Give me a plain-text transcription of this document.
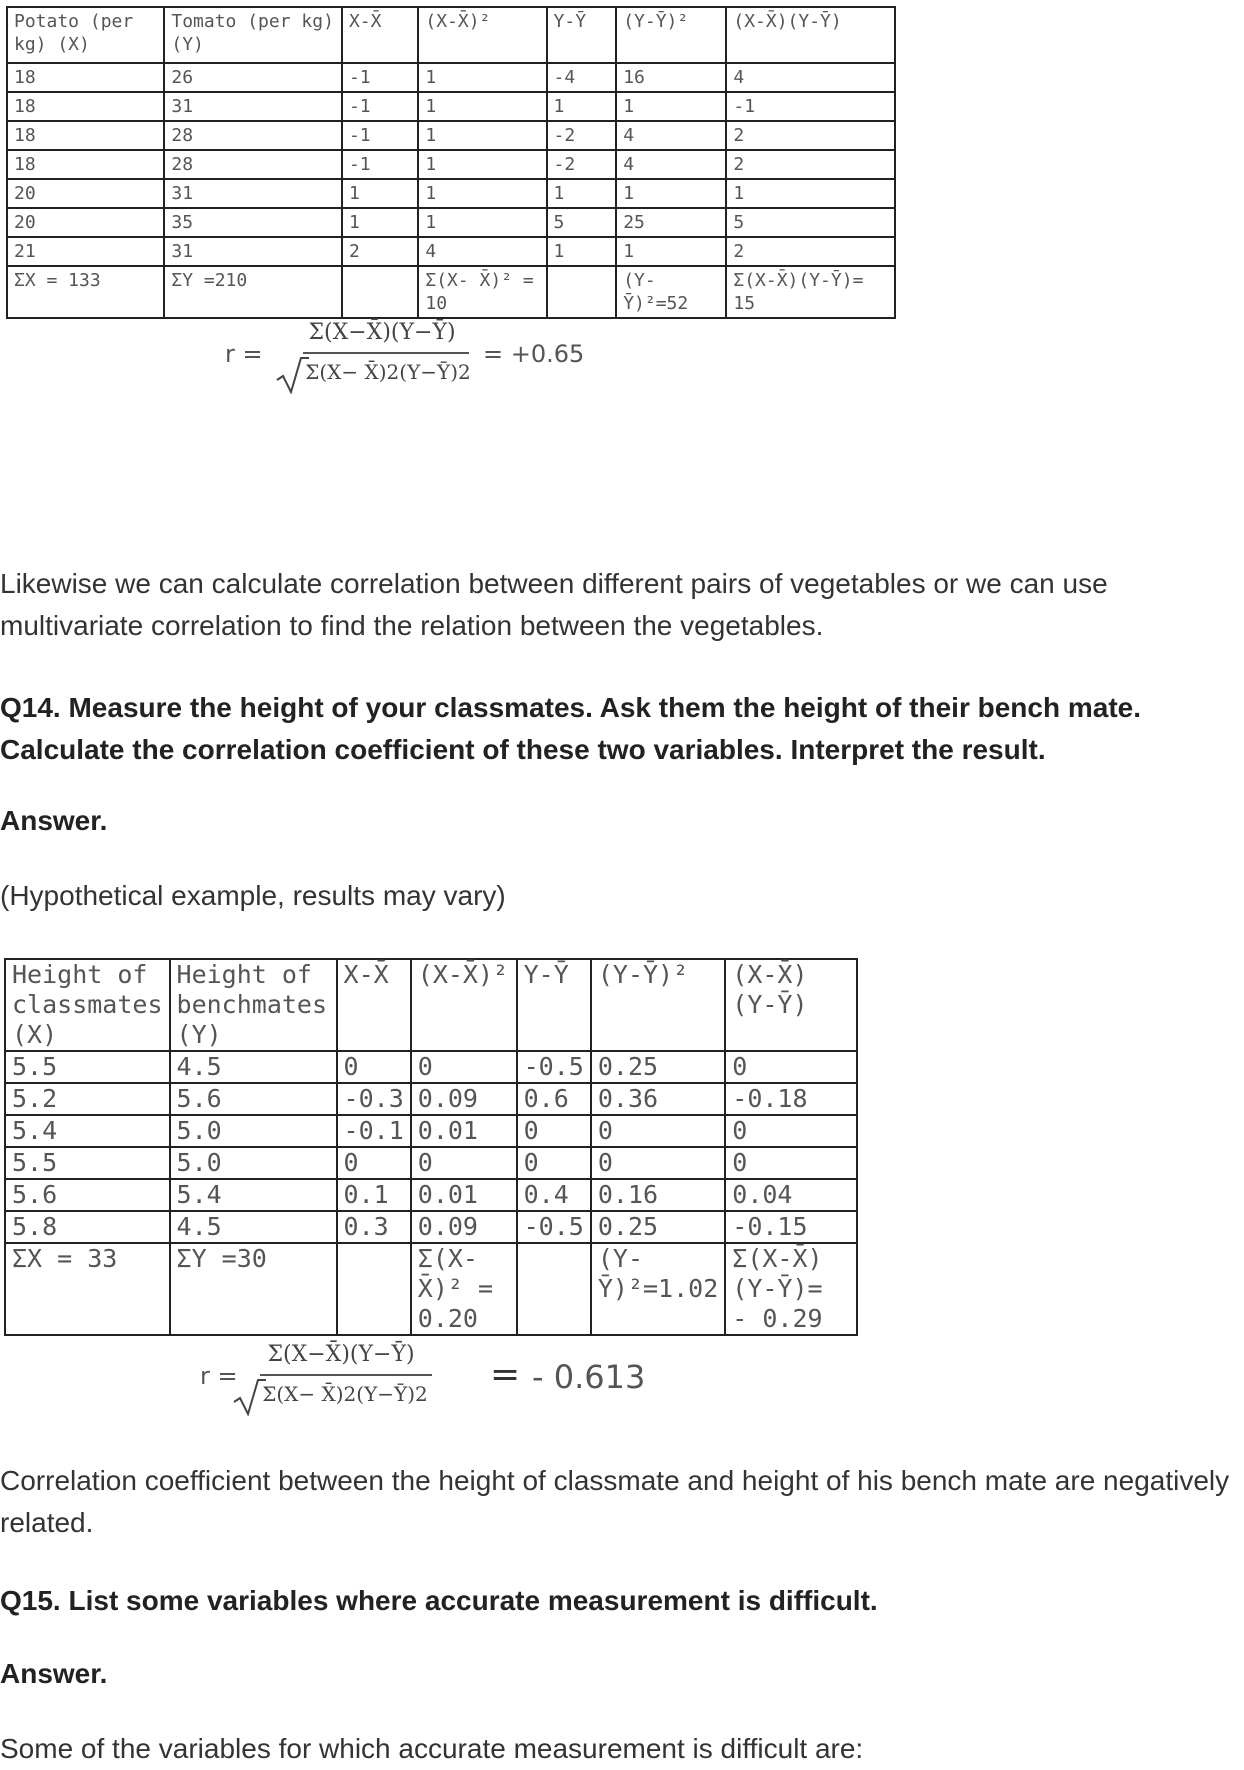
Potato (per kg) (X)	Tomato (per kg) (Y)	X-X̄	(X-X̄)²	Y-Ȳ	(Y-Ȳ)²	(X-X̄)(Y-Ȳ)
18	26	-1	1	-4	16	4
18	31	-1	1	1	1	-1
18	28	-1	1	-2	4	2
18	28	-1	1	-2	4	2
20	31	1	1	1	1	1
20	35	1	1	5	25	5
21	31	2	4	1	1	2
ΣX = 133	ΣY =210		Σ(X- X̄)² = 10		(Y-Ȳ)²=52	Σ(X-X̄)(Y-Ȳ)= 15
r =
Σ(X−X̄)(Y−Ȳ)
Σ(X− X̄)2(Y−Ȳ)2
= +0.65

Likewise we can calculate correlation between different pairs of vegetables or we can use multivariate correlation to find the relation between the vegetables.

Q14. Measure the height of your classmates. Ask them the height of their bench mate. Calculate the correlation coefficient of these two variables. Interpret the result.

Answer.

(Hypothetical example, results may vary)

Height of classmates (X)	Height of benchmates (Y)	X-X̄	(X-X̄)²	Y-Ȳ	(Y-Ȳ)²	(X-X̄)(Y-Ȳ)
5.5	4.5	0	0	-0.5	0.25	0
5.2	5.6	-0.3	0.09	0.6	0.36	-0.18
5.4	5.0	-0.1	0.01	0	0	0
5.5	5.0	0	0	0	0	0
5.6	5.4	0.1	0.01	0.4	0.16	0.04
5.8	4.5	0.3	0.09	-0.5	0.25	-0.15
ΣX = 33	ΣY =30		Σ(X- X̄)² = 0.20		(Y-Ȳ)²=1.02	Σ(X-X̄)(Y-Ȳ)= - 0.29
r =
Σ(X−X̄)(Y−Ȳ)
Σ(X− X̄)2(Y−Ȳ)2 = - 0.613

Correlation coefficient between the height of classmate and height of his bench mate are negatively related.

Q15. List some variables where accurate measurement is difficult.

Answer.

Some of the variables for which accurate measurement is difficult are:
